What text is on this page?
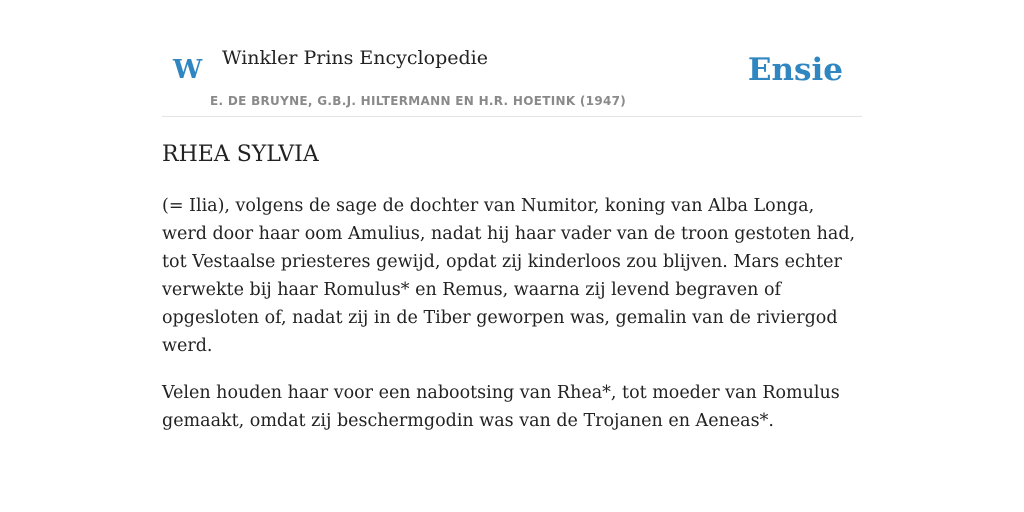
W Winkler Prins Encyclopedie
E. DE BRUYNE, G.B.J. HILTERMANN EN H.R. HOETINK (1947)
Ensie
RHEA SYLVIA

(= Ilia), volgens de sage de dochter van Numitor, koning van Alba Longa, werd door haar oom Amulius, nadat hij haar vader van de troon gestoten had, tot Vestaalse priesteres gewijd, opdat zij kinderloos zou blijven. Mars echter verwekte bij haar Romulus* en Remus, waarna zij levend begraven of opgesloten of, nadat zij in de Tiber geworpen was, gemalin van de riviergod werd.

Velen houden haar voor een nabootsing van Rhea*, tot moeder van Romulus gemaakt, omdat zij beschermgodin was van de Trojanen en Aeneas*.
